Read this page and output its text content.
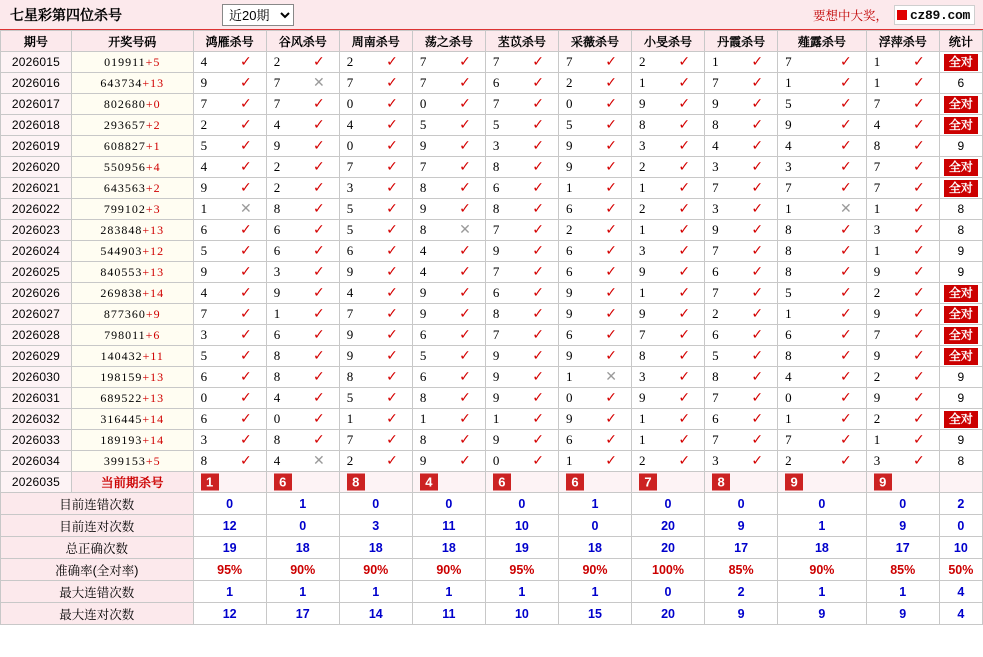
七星彩第四位杀号
近20期	要想中大奖， cz89.com
期号	开奖号码	鸿雁杀号	谷风杀号	周南杀号	荡之杀号	苤苡杀号	采薇杀号	小旻杀号	丹霞杀号	薤露杀号	浮萍杀号	统计
2026015	019911+5	4 ✓	2 ✓	2 ✓	7 ✓	7 ✓	7 ✓	2 ✓	1 ✓	7 ✓	1 ✓	全对
2026016	643734+13	9 ✓	7 ✕	7 ✓	7 ✓	6 ✓	2 ✓	1 ✓	7 ✓	1 ✓	1 ✓	6
2026017	802680+0	7 ✓	7 ✓	0 ✓	0 ✓	7 ✓	0 ✓	9 ✓	9 ✓	5 ✓	7 ✓	全对
2026018	293657+2	2 ✓	4 ✓	4 ✓	5 ✓	5 ✓	5 ✓	8 ✓	8 ✓	9 ✓	4 ✓	全对
2026019	608827+1	5 ✓	9 ✓	0 ✓	9 ✓	3 ✓	9 ✓	3 ✓	4 ✓	4 ✓	8 ✓	9
2026020	550956+4	4 ✓	2 ✓	7 ✓	7 ✓	8 ✓	9 ✓	2 ✓	3 ✓	3 ✓	7 ✓	全对
2026021	643563+2	9 ✓	2 ✓	3 ✓	8 ✓	6 ✓	1 ✓	1 ✓	7 ✓	7 ✓	7 ✓	全对
2026022	799102+3	1 ✕	8 ✓	5 ✓	9 ✓	8 ✓	6 ✓	2 ✓	3 ✓	1 ✕	1 ✓	8
2026023	283848+13	6 ✓	6 ✓	5 ✓	8 ✕	7 ✓	2 ✓	1 ✓	9 ✓	8 ✓	3 ✓	8
2026024	544903+12	5 ✓	6 ✓	6 ✓	4 ✓	9 ✓	6 ✓	3 ✓	7 ✓	8 ✓	1 ✓	9
2026025	840553+13	9 ✓	3 ✓	9 ✓	4 ✓	7 ✓	6 ✓	9 ✓	6 ✓	8 ✓	9 ✓	9
2026026	269838+14	4 ✓	9 ✓	4 ✓	9 ✓	6 ✓	9 ✓	1 ✓	7 ✓	5 ✓	2 ✓	全对
2026027	877360+9	7 ✓	1 ✓	7 ✓	9 ✓	8 ✓	9 ✓	9 ✓	2 ✓	1 ✓	9 ✓	全对
2026028	798011+6	3 ✓	6 ✓	9 ✓	6 ✓	7 ✓	6 ✓	7 ✓	6 ✓	6 ✓	7 ✓	全对
2026029	140432+11	5 ✓	8 ✓	9 ✓	5 ✓	9 ✓	9 ✓	8 ✓	5 ✓	8 ✓	9 ✓	全对
2026030	198159+13	6 ✓	8 ✓	8 ✓	6 ✓	9 ✓	1 ✕	3 ✓	8 ✓	4 ✓	2 ✓	9
2026031	689522+13	0 ✓	4 ✓	5 ✓	8 ✓	9 ✓	0 ✓	9 ✓	7 ✓	0 ✓	9 ✓	9
2026032	316445+14	6 ✓	0 ✓	1 ✓	1 ✓	1 ✓	9 ✓	1 ✓	6 ✓	1 ✓	2 ✓	全对
2026033	189193+14	3 ✓	8 ✓	7 ✓	8 ✓	9 ✓	6 ✓	1 ✓	7 ✓	7 ✓	1 ✓	9
2026034	399153+5	8 ✓	4 ✕	2 ✓	9 ✓	0 ✓	1 ✓	2 ✓	3 ✓	2 ✓	3 ✓	8
2026035	当前期杀号	1	6	8	4	6	6	7	8	9	9	

目前连错次数		0	1	0	0	0	1	0	0	0	0	2
目前连对次数		12	0	3	11	10	0	20	9	1	9	0
总正确次数		19	18	18	18	19	18	20	17	18	17	10
准确率(全对率)		95%	90%	90%	90%	95%	90%	100%	85%	90%	85%	50%
最大连错次数		1	1	1	1	1	1	0	2	1	1	4
最大连对次数		12	17	14	11	10	15	20	9	9	9	4
